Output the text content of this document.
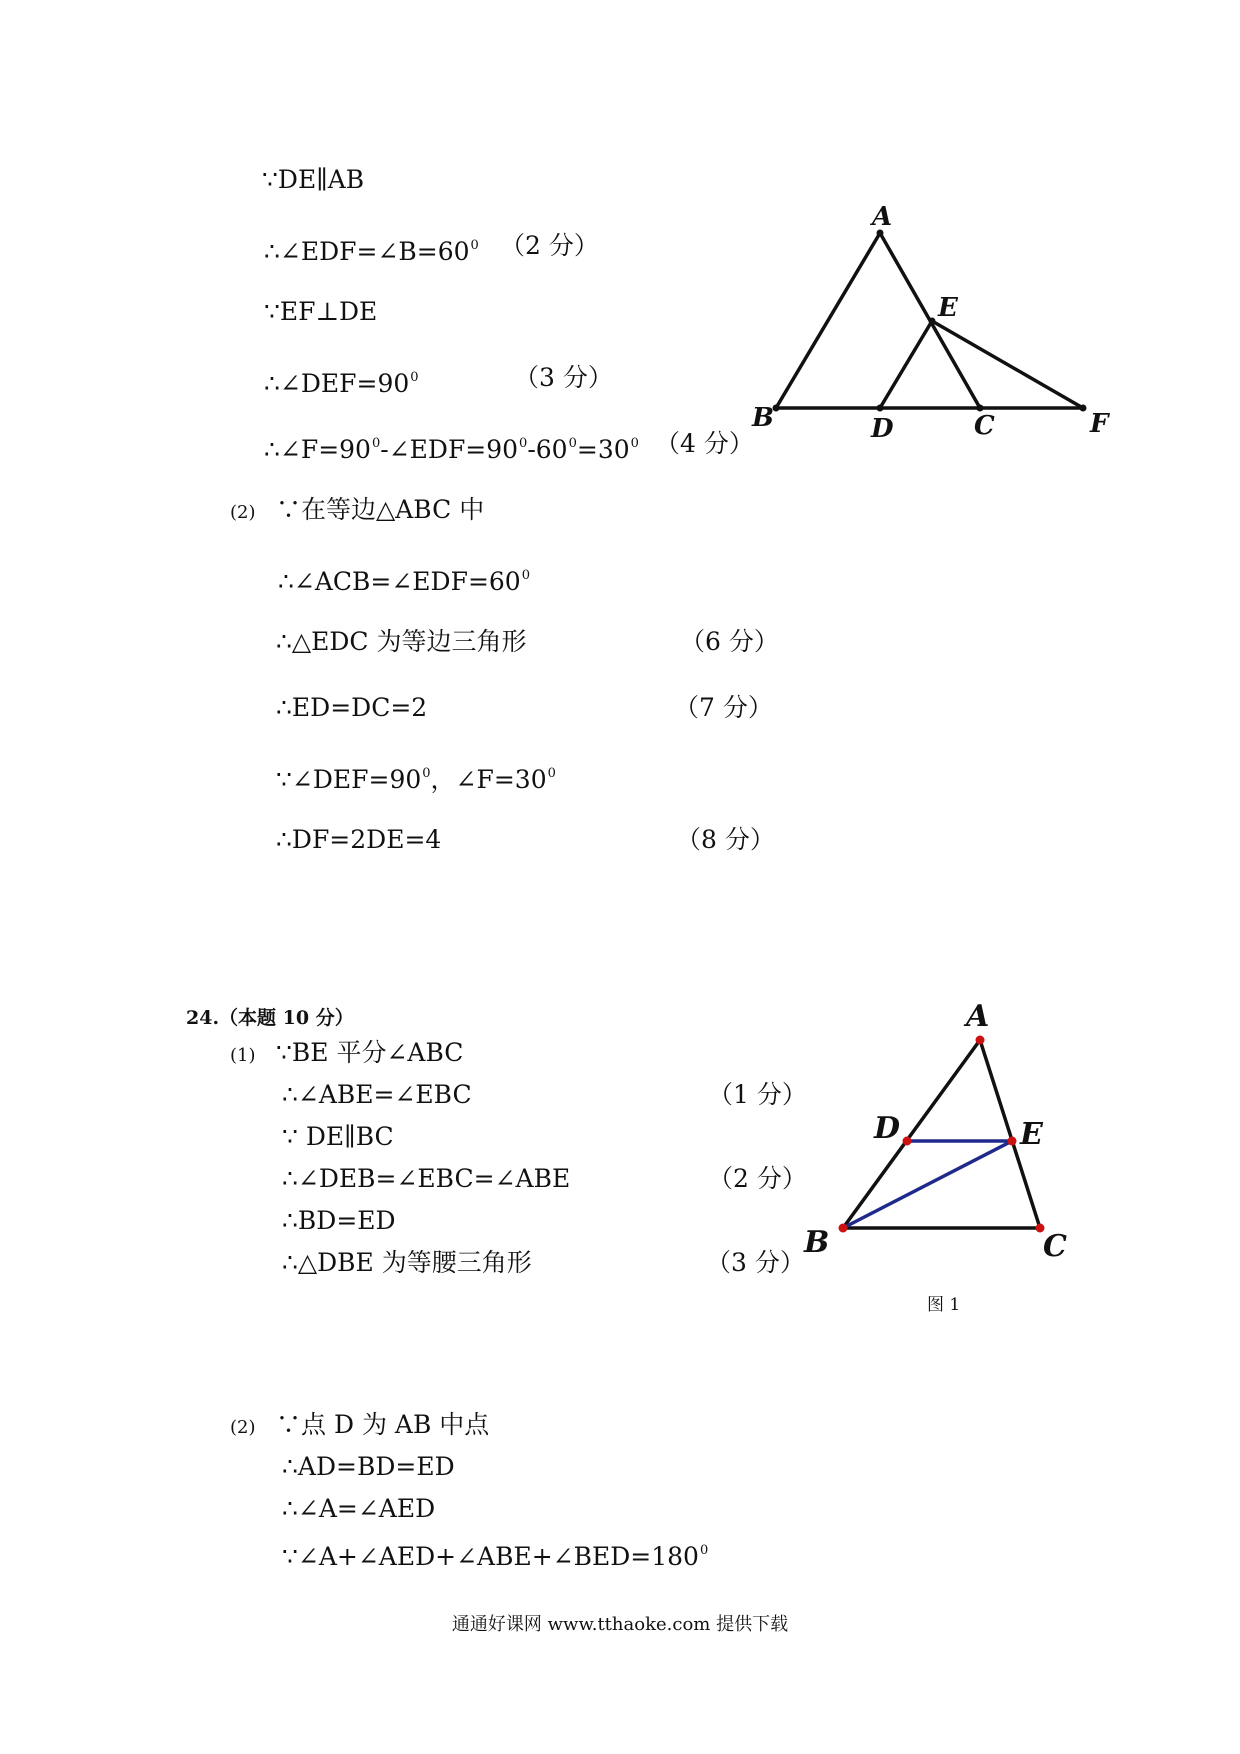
∵DE∥AB
$\therefore\angle EDF=\angle B=60^0$ （2 分）
∵EF⊥DE
$\therefore\angle DEF=90^0$	（3 分）
$\therefore\angle F=90^0-\angle EDF=90^0-60^0=30^0$ （4 分）
(2) ∵在等边△ABC 中
$\therefore\angle ACB=\angle EDF=60^0$
∴△EDC 为等边三角形	（6 分）
∴ED=DC=2	（7 分）
$\because\angle DEF=90^0$，$\angle F=30^0$
∴DF=2DE=4	（8 分）
A
E
B	D	C	F
24.（本题 10 分）
(1) ∵BE 平分∠ABC
∴∠ABE=∠EBC	（1 分）
∵ DE∥BC
∴∠DEB=∠EBC=∠ABE	（2 分）
∴BD=ED
∴△DBE 为等腰三角形	（3 分）
A
D	E
B	C
图 1
(2) ∵点 D 为 AB 中点
∴AD=BD=ED
∴∠A=∠AED
$\because\angle A+\angle AED+\angle ABE+\angle BED=180^0$
通通好课网 www.tthaoke.com 提供下载
